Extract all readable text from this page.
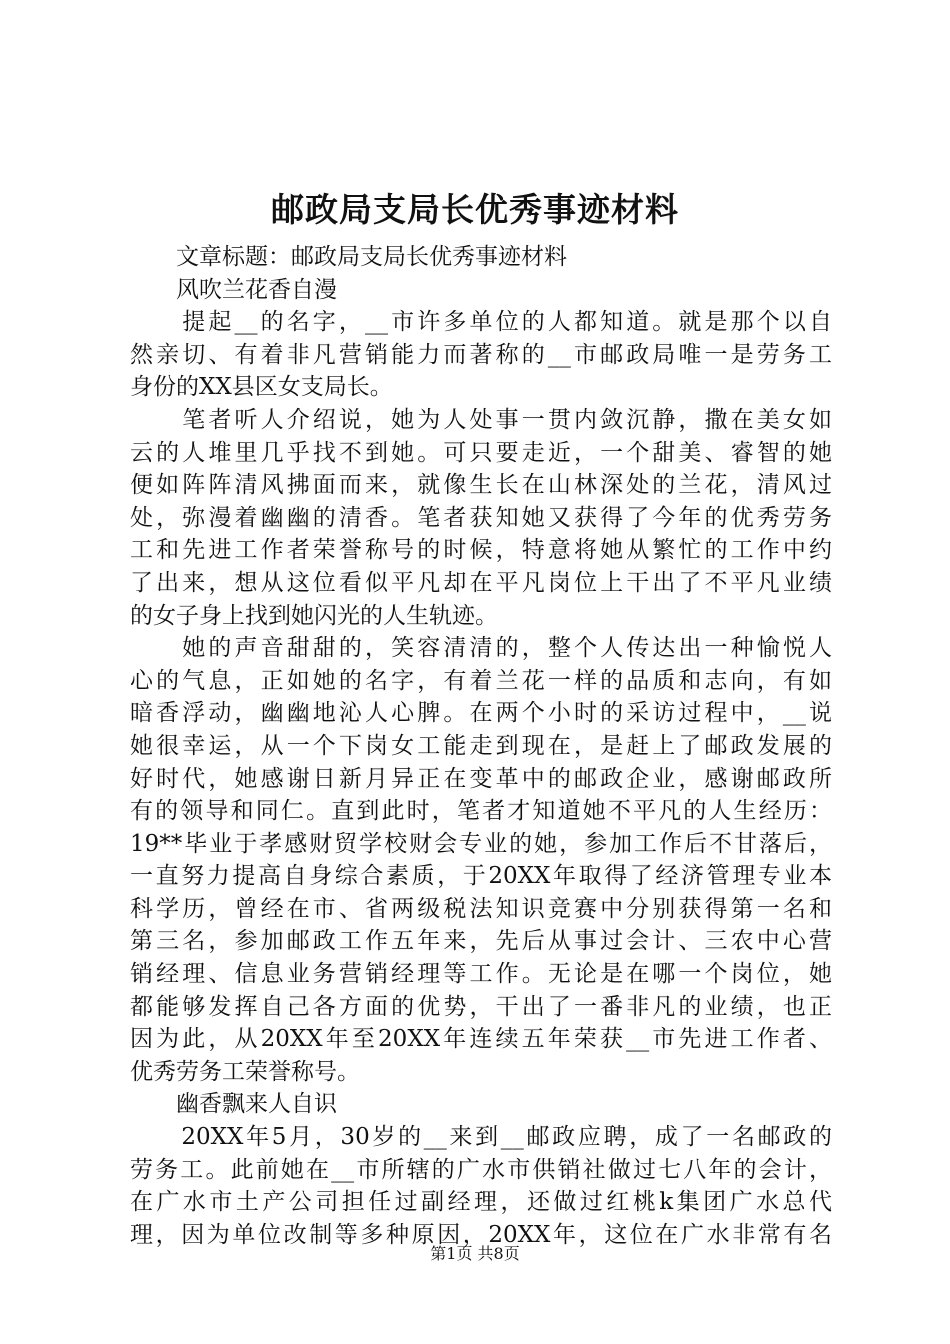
邮政局支局长优秀事迹材料
　　文章标题：邮政局支局长优秀事迹材料
　　风吹兰花香自漫
　　提起__的名字，__市许多单位的人都知道。就是那个以自
然亲切、有着非凡营销能力而著称的__市邮政局唯一是劳务工
身份的XX县区女支局长。
　　笔者听人介绍说，她为人处事一贯内敛沉静，撒在美女如
云的人堆里几乎找不到她。可只要走近，一个甜美、睿智的她
便如阵阵清风拂面而来，就像生长在山林深处的兰花，清风过
处，弥漫着幽幽的清香。笔者获知她又获得了今年的优秀劳务
工和先进工作者荣誉称号的时候，特意将她从繁忙的工作中约
了出来，想从这位看似平凡却在平凡岗位上干出了不平凡业绩
的女子身上找到她闪光的人生轨迹。
　　她的声音甜甜的，笑容清清的，整个人传达出一种愉悦人
心的气息，正如她的名字，有着兰花一样的品质和志向，有如
暗香浮动，幽幽地沁人心脾。在两个小时的采访过程中，__说
她很幸运，从一个下岗女工能走到现在，是赶上了邮政发展的
好时代，她感谢日新月异正在变革中的邮政企业，感谢邮政所
有的领导和同仁。直到此时，笔者才知道她不平凡的人生经历：
19**毕业于孝感财贸学校财会专业的她，参加工作后不甘落后，
一直努力提高自身综合素质，于20XX年取得了经济管理专业本
科学历，曾经在市、省两级税法知识竞赛中分别获得第一名和
第三名，参加邮政工作五年来，先后从事过会计、三农中心营
销经理、信息业务营销经理等工作。无论是在哪一个岗位，她
都能够发挥自己各方面的优势，干出了一番非凡的业绩，也正
因为此，从20XX年至20XX年连续五年荣获__市先进工作者、
优秀劳务工荣誉称号。
　　幽香飘来人自识
　　20XX年5月，30岁的__来到__邮政应聘，成了一名邮政的
劳务工。此前她在__市所辖的广水市供销社做过七八年的会计，
在广水市土产公司担任过副经理，还做过红桃k集团广水总代
理，因为单位改制等多种原因，20XX年，这位在广水非常有名
第1页 共8页
